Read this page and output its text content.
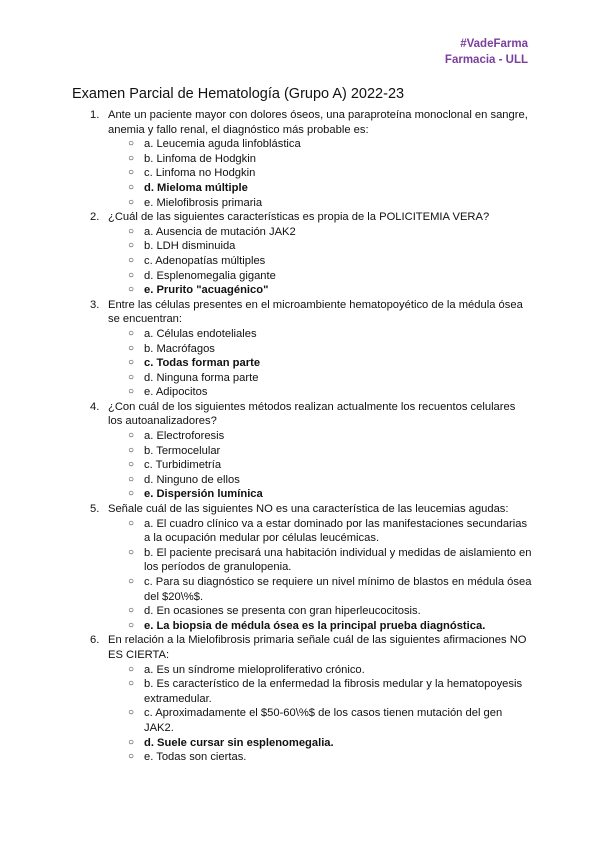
#VadeFarma
Farmacia - ULL
Examen Parcial de Hematología (Grupo A) 2022-23
1. Ante un paciente mayor con dolores óseos, una paraproteína monoclonal en sangre, anemia y fallo renal, el diagnóstico más probable es:
○ a. Leucemia aguda linfoblástica
○ b. Linfoma de Hodgkin
○ c. Linfoma no Hodgkin
○ d. Mieloma múltiple
○ e. Mielofibrosis primaria
2. ¿Cuál de las siguientes características es propia de la POLICITEMIA VERA?
○ a. Ausencia de mutación JAK2
○ b. LDH disminuida
○ c. Adenopatías múltiples
○ d. Esplenomegalia gigante
○ e. Prurito "acuagénico"
3. Entre las células presentes en el microambiente hematopoyético de la médula ósea se encuentran:
○ a. Células endoteliales
○ b. Macrófagos
○ c. Todas forman parte
○ d. Ninguna forma parte
○ e. Adipocitos
4. ¿Con cuál de los siguientes métodos realizan actualmente los recuentos celulares los autoanalizadores?
○ a. Electroforesis
○ b. Termocelular
○ c. Turbidimetría
○ d. Ninguno de ellos
○ e. Dispersión lumínica
5. Señale cuál de las siguientes NO es una característica de las leucemias agudas:
○ a. El cuadro clínico va a estar dominado por las manifestaciones secundarias a la ocupación medular por células leucémicas.
○ b. El paciente precisará una habitación individual y medidas de aislamiento en los períodos de granulopenia.
○ c. Para su diagnóstico se requiere un nivel mínimo de blastos en médula ósea del $20\%$.
○ d. En ocasiones se presenta con gran hiperleucocitosis.
○ e. La biopsia de médula ósea es la principal prueba diagnóstica.
6. En relación a la Mielofibrosis primaria señale cuál de las siguientes afirmaciones NO ES CIERTA:
○ a. Es un síndrome mieloproliferativo crónico.
○ b. Es característico de la enfermedad la fibrosis medular y la hematopoyesis extramedular.
○ c. Aproximadamente el $50-60\%$ de los casos tienen mutación del gen JAK2.
○ d. Suele cursar sin esplenomegalia.
○ e. Todas son ciertas.
